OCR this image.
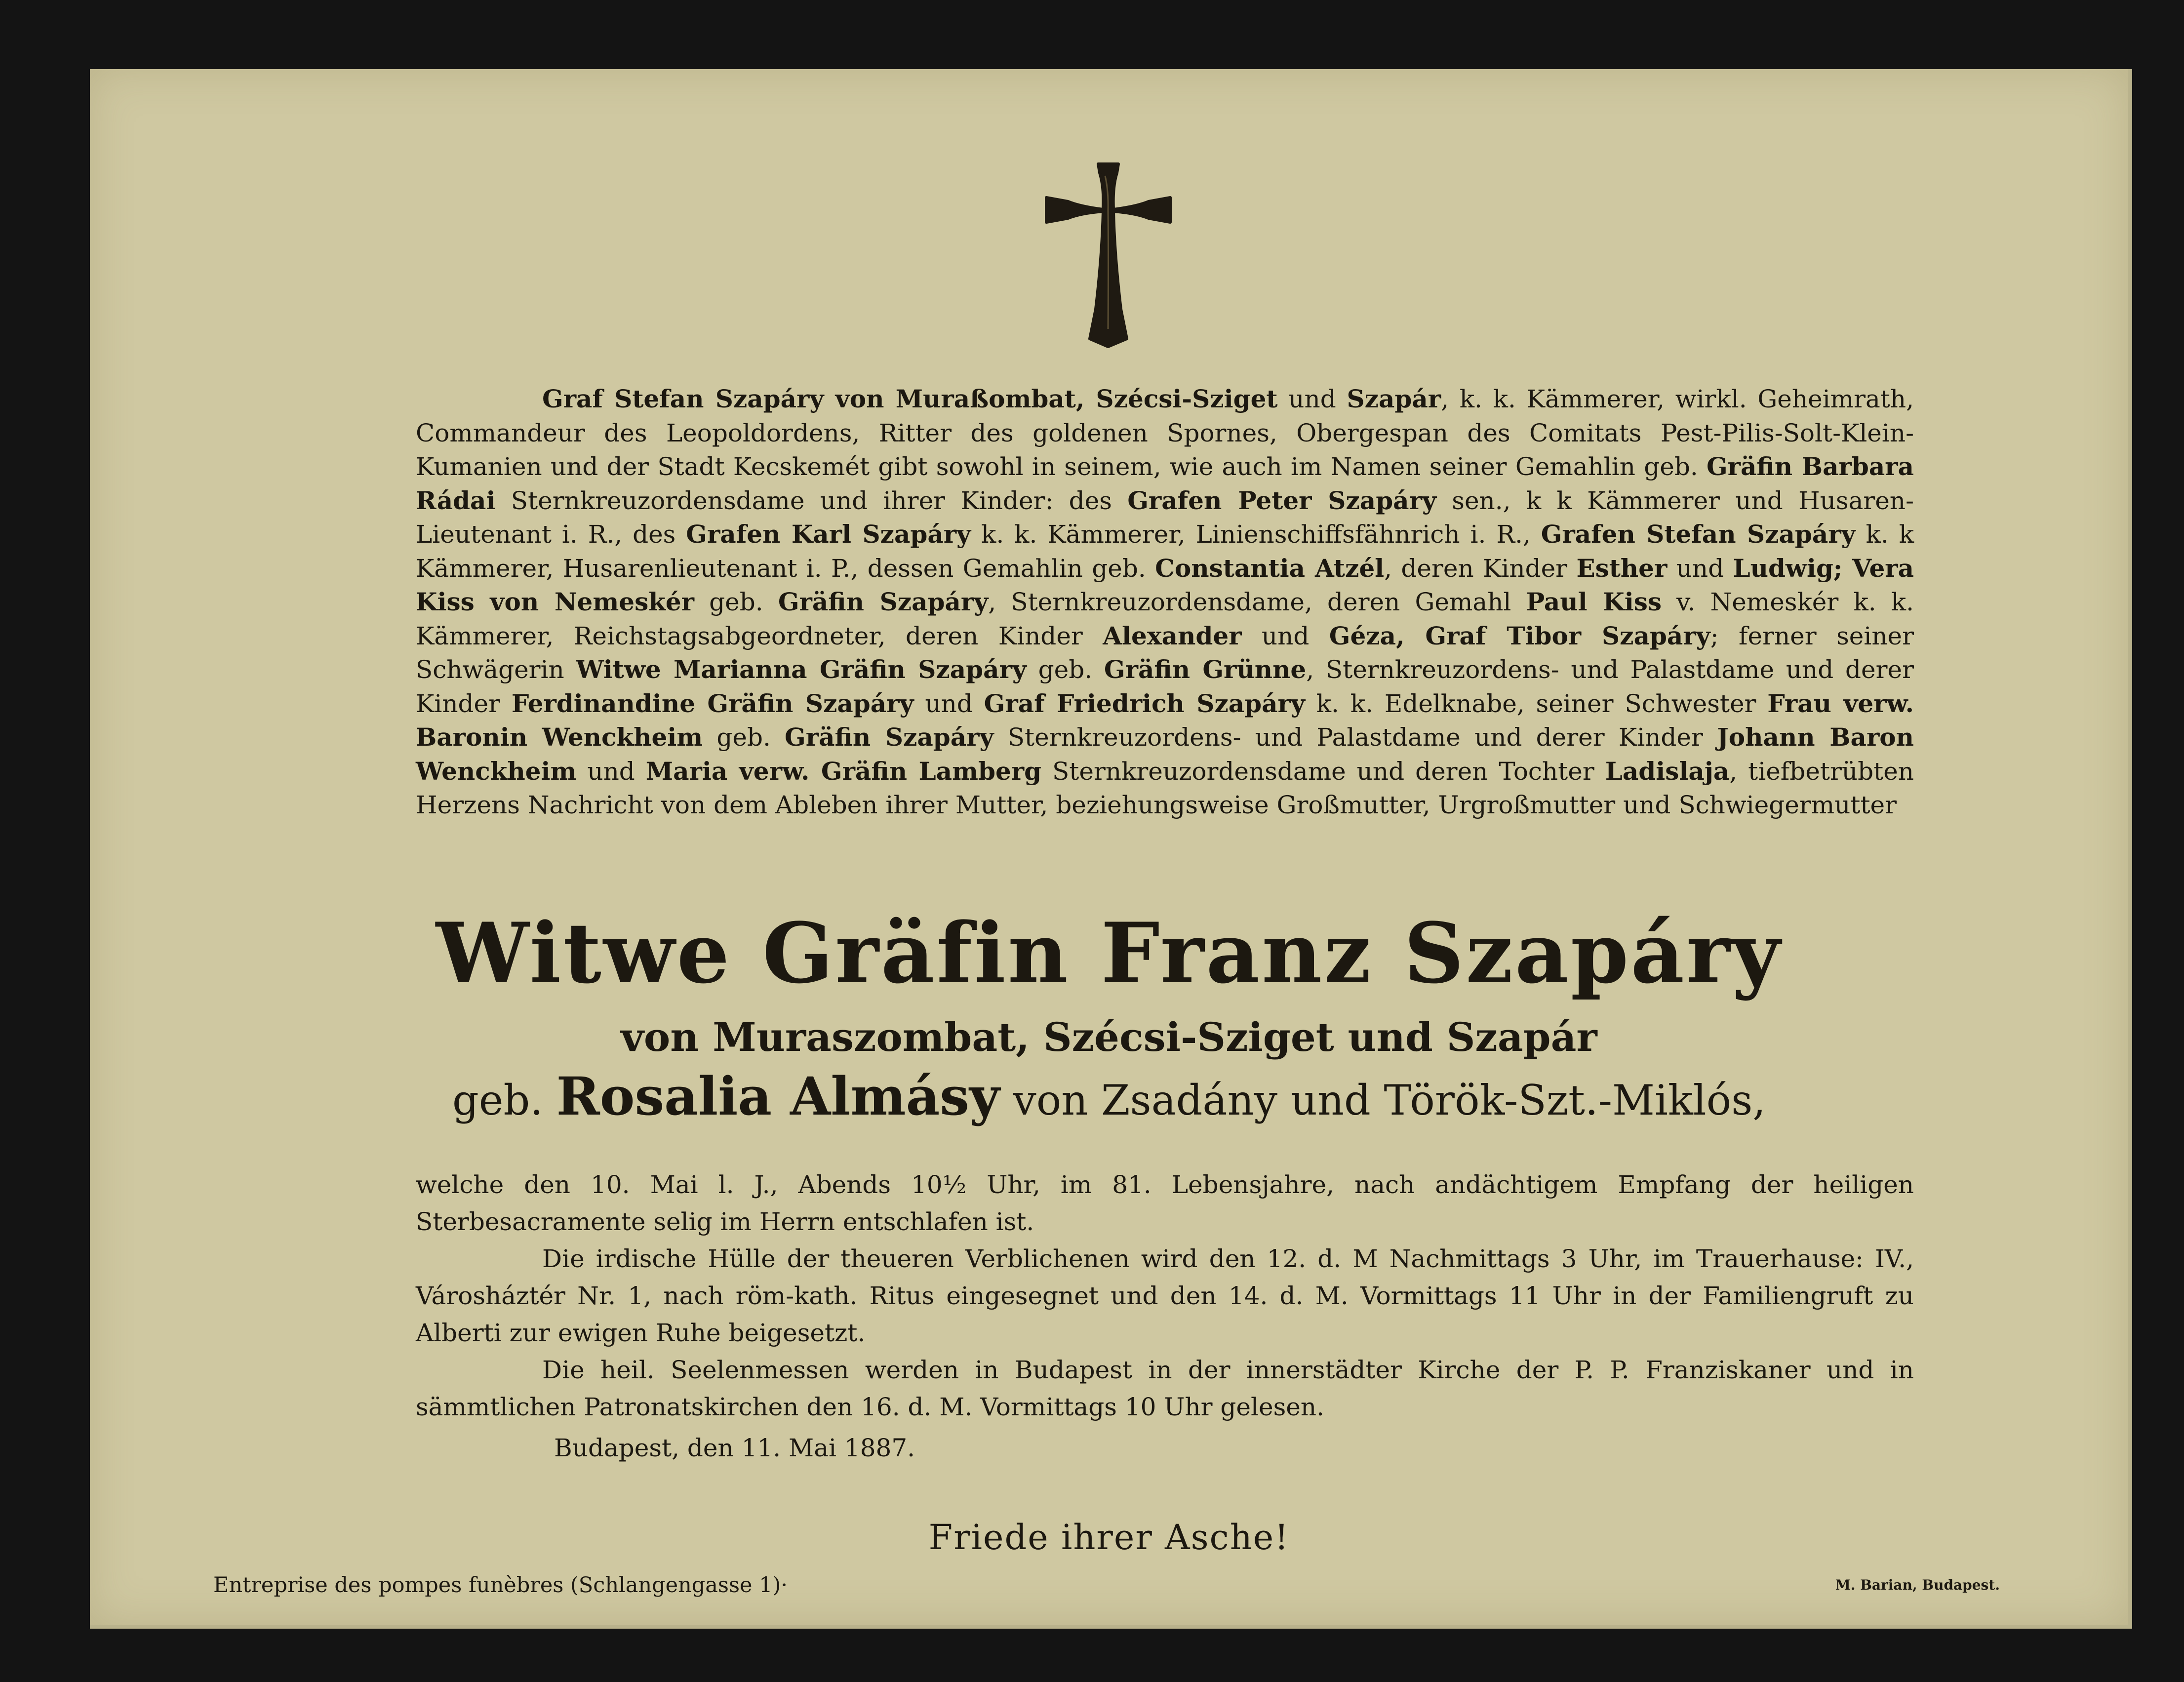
Graf Stefan Szapáry von Muraßombat, Szécsi-Sziget und Szapár, k. k. Kämmerer, wirkl. Geheimrath, Commandeur des Leopoldordens, Ritter des goldenen Spornes, Obergespan des Comitats Pest-Pilis-Solt-Klein-Kumanien und der Stadt Kecskemét gibt sowohl in seinem, wie auch im Namen seiner Gemahlin geb. Gräfin Barbara Rádai Sternkreuzordensdame und ihrer Kinder: des Grafen Peter Szapáry sen., k k Kämmerer und Husaren-Lieutenant i. R., des Grafen Karl Szapáry k. k. Kämmerer, Linienschiffsfähnrich i. R., Grafen Stefan Szapáry k. k Kämmerer, Husarenlieutenant i. P., dessen Gemahlin geb. Constantia Atzél, deren Kinder Esther und Ludwig; Vera Kiss von Nemeskér geb. Gräfin Szapáry, Sternkreuzordensdame, deren Gemahl Paul Kiss v. Nemeskér k. k. Kämmerer, Reichstagsabgeordneter, deren Kinder Alexander und Géza, Graf Tibor Szapáry; ferner seiner Schwägerin Witwe Marianna Gräfin Szapáry geb. Gräfin Grünne, Sternkreuzordens- und Palastdame und derer Kinder Ferdinandine Gräfin Szapáry und Graf Friedrich Szapáry k. k. Edelknabe, seiner Schwester Frau verw. Baronin Wenckheim geb. Gräfin Szapáry Sternkreuzordens- und Palastdame und derer Kinder Johann Baron Wenckheim und Maria verw. Gräfin Lamberg Sternkreuzordensdame und deren Tochter Ladislaja, tiefbetrübten Herzens Nachricht von dem Ableben ihrer Mutter, beziehungsweise Großmutter, Urgroßmutter und Schwiegermutter

Witwe Gräfin Franz Szapáry

von Muraszombat, Szécsi-Sziget und Szapár

geb. Rosalia Almásy von Zsadány und Török-Szt.-Miklós,

welche den 10. Mai l. J., Abends 10½ Uhr, im 81. Lebensjahre, nach andächtigem Empfang der heiligen Sterbesacramente selig im Herrn entschlafen ist.

Die irdische Hülle der theueren Verblichenen wird den 12. d. M Nachmittags 3 Uhr, im Trauerhause: IV., Városháztér Nr. 1, nach röm-kath. Ritus eingesegnet und den 14. d. M. Vormittags 11 Uhr in der Familiengruft zu Alberti zur ewigen Ruhe beigesetzt.

Die heil. Seelenmessen werden in Budapest in der innerstädter Kirche der P. P. Franziskaner und in sämmtlichen Patronatskirchen den 16. d. M. Vormittags 10 Uhr gelesen.

Budapest, den 11. Mai 1887.

Friede ihrer Asche!

Entreprise des pompes funèbres (Schlangengasse 1)·	M. Barian, Budapest.
